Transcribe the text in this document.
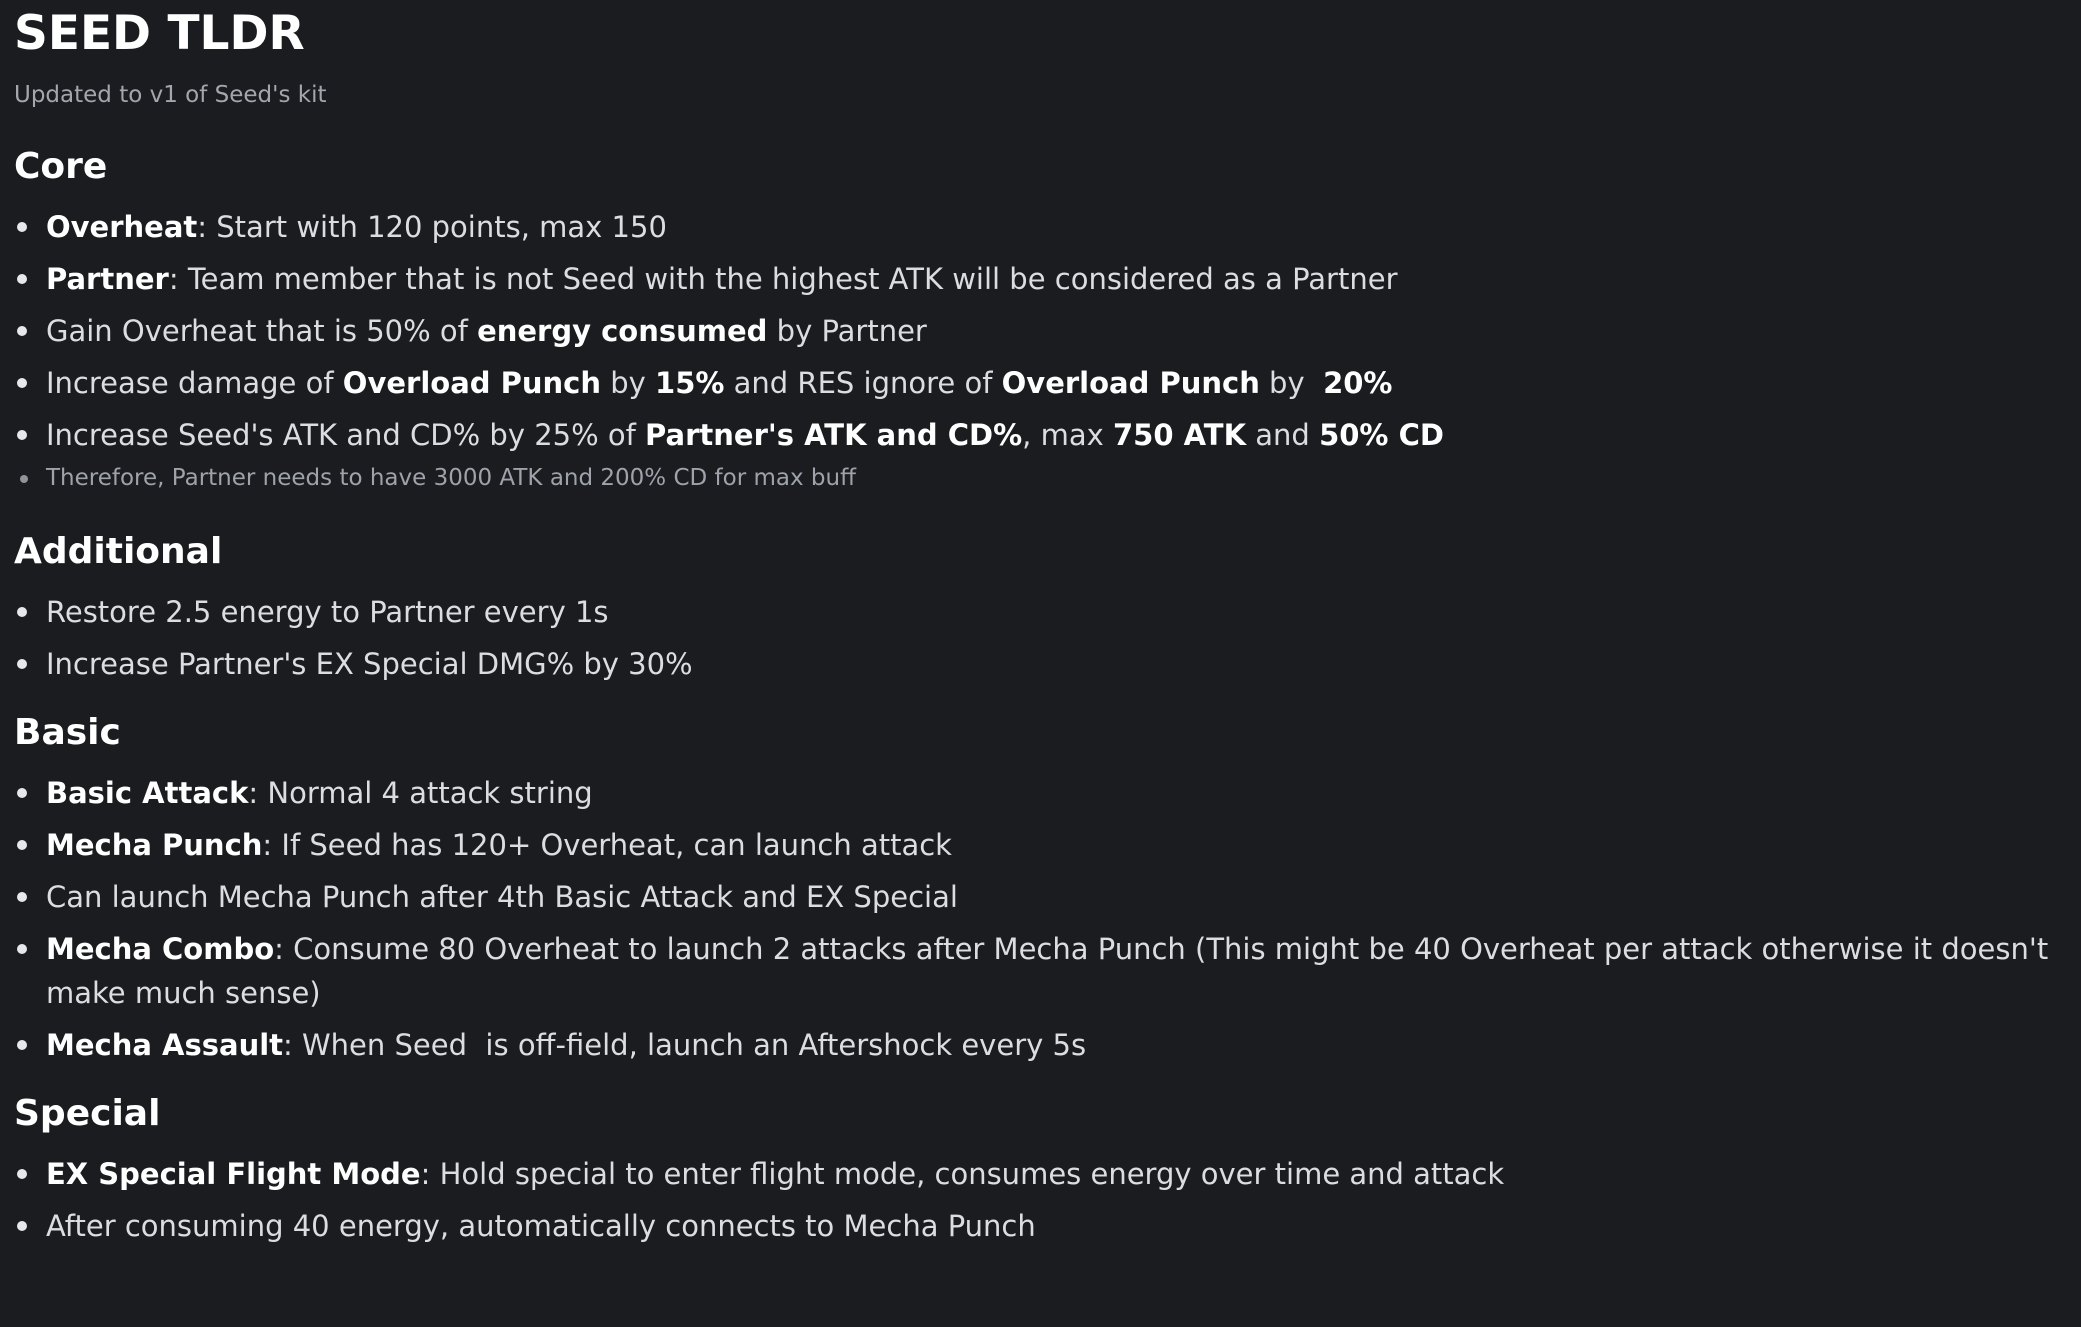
SEED TLDR
Updated to v1 of Seed's kit
Core
Overheat: Start with 120 points, max 150
Partner: Team member that is not Seed with the highest ATK will be considered as a Partner
Gain Overheat that is 50% of energy consumed by Partner
Increase damage of Overload Punch by 15% and RES ignore of Overload Punch by  20%
Increase Seed's ATK and CD% by 25% of Partner's ATK and CD%, max 750 ATK and 50% CD
Therefore, Partner needs to have 3000 ATK and 200% CD for max buff
Additional
Restore 2.5 energy to Partner every 1s
Increase Partner's EX Special DMG% by 30%
Basic
Basic Attack: Normal 4 attack string
Mecha Punch: If Seed has 120+ Overheat, can launch attack
Can launch Mecha Punch after 4th Basic Attack and EX Special
Mecha Combo: Consume 80 Overheat to launch 2 attacks after Mecha Punch (This might be 40 Overheat per attack otherwise it doesn't make much sense)
Mecha Assault: When Seed  is off-field, launch an Aftershock every 5s
Special
EX Special Flight Mode: Hold special to enter flight mode, consumes energy over time and attack
After consuming 40 energy, automatically connects to Mecha Punch
